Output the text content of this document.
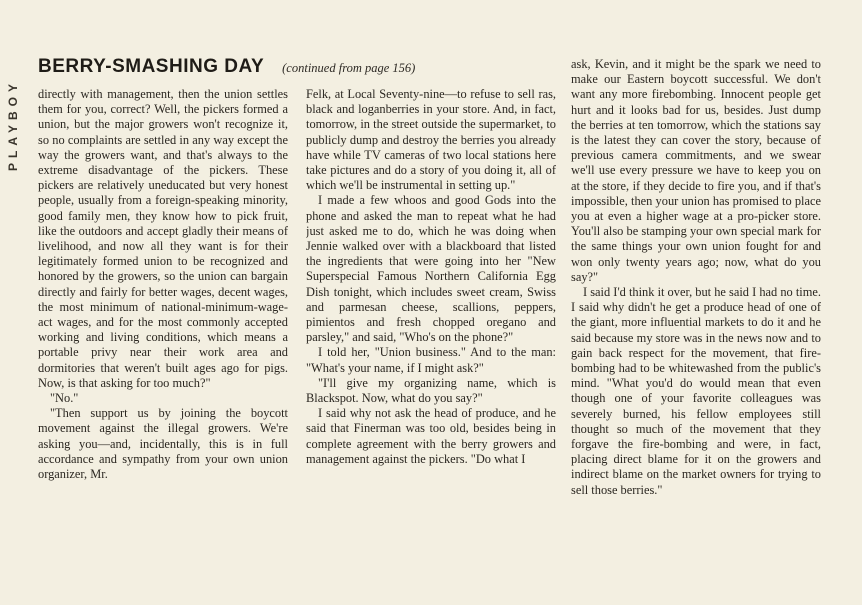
PLAYBOY
BERRY-SMASHING DAY (continued from page 156)

directly with management, then the union settles them for you, correct? Well, the pickers formed a union, but the major growers won't recognize it, so no complaints are settled in any way except the way the growers want, and that's always to the extreme disadvantage of the pickers. These pickers are relatively uneducated but very honest people, usually from a foreign-speaking minority, good family men, they know how to pick fruit, like the outdoors and accept gladly their means of livelihood, and now all they want is for their legitimately formed union to be recognized and honored by the growers, so the union can bargain directly and fairly for better wages, decent wages, the most minimum of national-minimum-wage-act wages, and for the most commonly accepted working and living conditions, which means a portable privy near their work area and dormitories that weren't built ages ago for pigs. Now, is that asking for too much?"

"No."

"Then support us by joining the boycott movement against the illegal growers. We're asking you—and, incidentally, this is in full accordance and sympathy from your own union organizer, Mr.

Felk, at Local Seventy-nine—to refuse to sell ras, black and loganberries in your store. And, in fact, tomorrow, in the street outside the supermarket, to publicly dump and destroy the berries you already have while TV cameras of two local stations here take pictures and do a story of you doing it, all of which we'll be instrumental in setting up."

I made a few whoos and good Gods into the phone and asked the man to repeat what he had just asked me to do, which he was doing when Jennie walked over with a blackboard that listed the ingredients that were going into her "New Superspecial Famous Northern California Egg Dish tonight, which includes sweet cream, Swiss and parmesan cheese, scallions, peppers, pimientos and fresh chopped oregano and parsley," and said, "Who's on the phone?"

I told her, "Union business." And to the man: "What's your name, if I might ask?"

"I'll give my organizing name, which is Blackspot. Now, what do you say?"

I said why not ask the head of produce, and he said that Finerman was too old, besides being in complete agreement with the berry growers and management against the pickers. "Do what I

ask, Kevin, and it might be the spark we need to make our Eastern boycott successful. We don't want any more firebombing. Innocent people get hurt and it looks bad for us, besides. Just dump the berries at ten tomorrow, which the stations say is the latest they can cover the story, because of previous camera commitments, and we swear we'll use every pressure we have to keep you on at the store, if they decide to fire you, and if that's impossible, then your union has promised to place you at even a higher wage at a pro-picker store. You'll also be stamping your own special mark for the same things your own union fought for and won only twenty years ago; now, what do you say?"

I said I'd think it over, but he said I had no time. I said why didn't he get a produce head of one of the giant, more influential markets to do it and he said because my store was in the news now and to gain back respect for the movement, that fire-bombing had to be whitewashed from the public's mind. "What you'd do would mean that even though one of your favorite colleagues was severely burned, his fellow employees still thought so much of the movement that they forgave the fire-bombing and were, in fact, placing direct blame for it on the growers and indirect blame on the market owners for trying to sell those berries."
